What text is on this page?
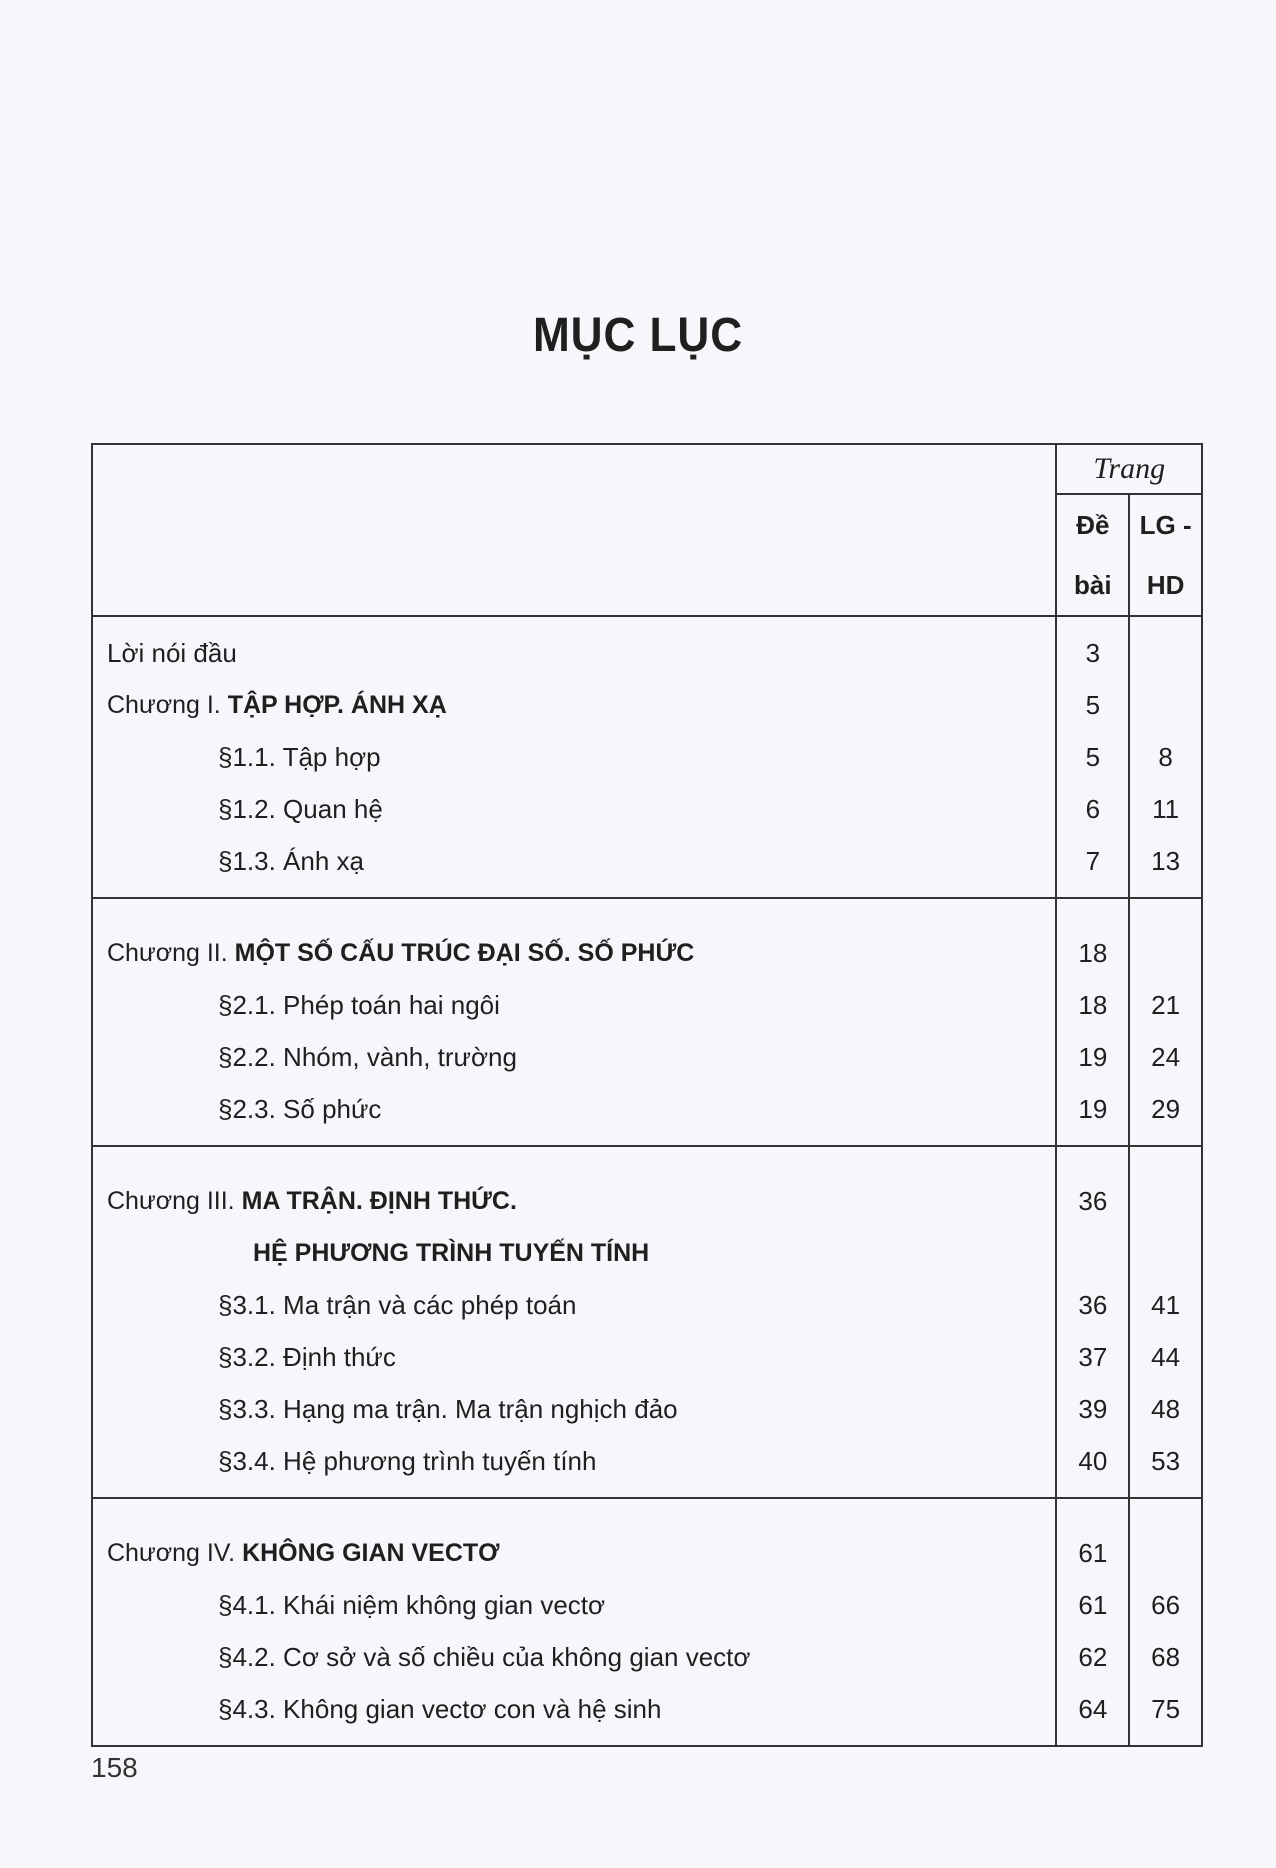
MỤC LỤC
	Trang	
	Đề bài	LG - HD

Lời nói đầu	3	
Chương I. TẬP HỢP. ÁNH XẠ	5	
§1.1. Tập hợp	5	8
§1.2. Quan hệ	6	11
§1.3. Ánh xạ	7	13

Chương II. MỘT SỐ CẤU TRÚC ĐẠI SỐ. SỐ PHỨC	18	
§2.1. Phép toán hai ngôi	18	21
§2.2. Nhóm, vành, trường	19	24
§2.3. Số phức	19	29

Chương III. MA TRẬN. ĐỊNH THỨC.	36	
HỆ PHƯƠNG TRÌNH TUYẾN TÍNH		
§3.1. Ma trận và các phép toán	36	41
§3.2. Định thức	37	44
§3.3. Hạng ma trận. Ma trận nghịch đảo	39	48
§3.4. Hệ phương trình tuyến tính	40	53

Chương IV. KHÔNG GIAN VECTƠ	61	
§4.1. Khái niệm không gian vectơ	61	66
§4.2. Cơ sở và số chiều của không gian vectơ	62	68
§4.3. Không gian vectơ con và hệ sinh	64	75

158
